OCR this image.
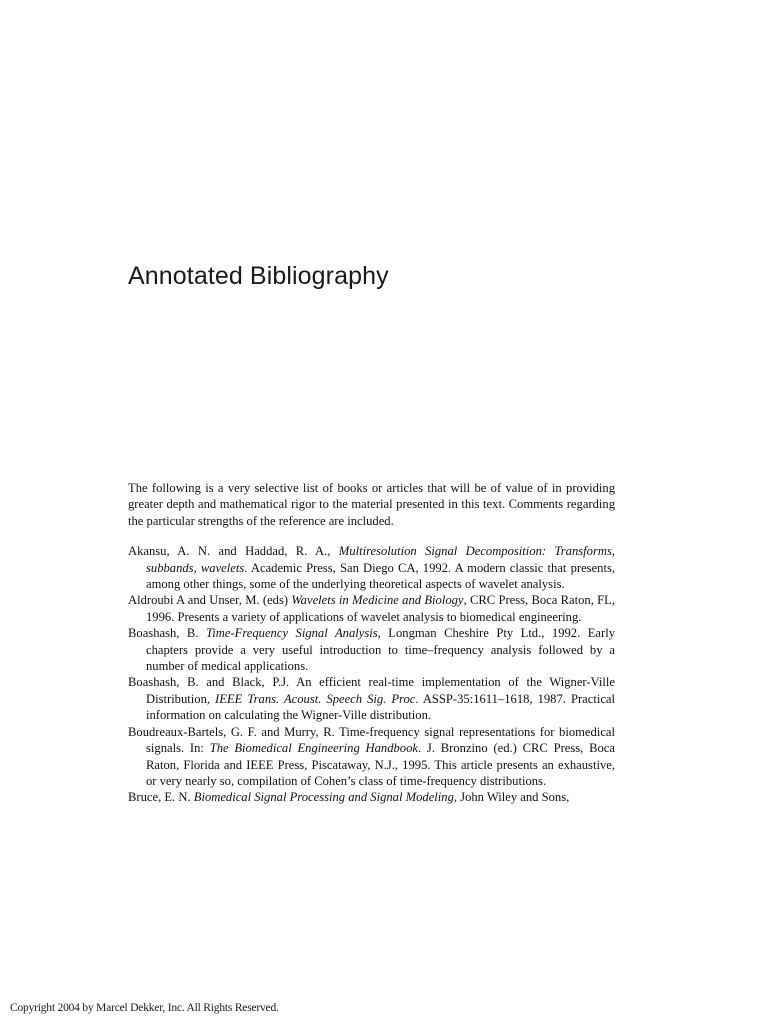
Annotated Bibliography

The following is a very selective list of books or articles that will be of value of in providing greater depth and mathematical rigor to the material presented in this text. Comments regarding the particular strengths of the reference are included.

Akansu, A. N. and Haddad, R. A., Multiresolution Signal Decomposition: Transforms, subbands, wavelets. Academic Press, San Diego CA, 1992. A modern classic that presents, among other things, some of the underlying theoretical aspects of wavelet analysis.

Aldroubi A and Unser, M. (eds) Wavelets in Medicine and Biology, CRC Press, Boca Raton, FL, 1996. Presents a variety of applications of wavelet analysis to biomedical engineering.

Boashash, B. Time-Frequency Signal Analysis, Longman Cheshire Pty Ltd., 1992. Early chapters provide a very useful introduction to time–frequency analysis followed by a number of medical applications.

Boashash, B. and Black, P.J. An efficient real-time implementation of the Wigner-Ville Distribution, IEEE Trans. Acoust. Speech Sig. Proc. ASSP-35:1611–1618, 1987. Practical information on calculating the Wigner-Ville distribution.

Boudreaux-Bartels, G. F. and Murry, R. Time-frequency signal representations for biomedical signals. In: The Biomedical Engineering Handbook. J. Bronzino (ed.) CRC Press, Boca Raton, Florida and IEEE Press, Piscataway, N.J., 1995. This article presents an exhaustive, or very nearly so, compilation of Cohen’s class of time-frequency distributions.

Bruce, E. N. Biomedical Signal Processing and Signal Modeling, John Wiley and Sons,

Copyright 2004 by Marcel Dekker, Inc. All Rights Reserved.
